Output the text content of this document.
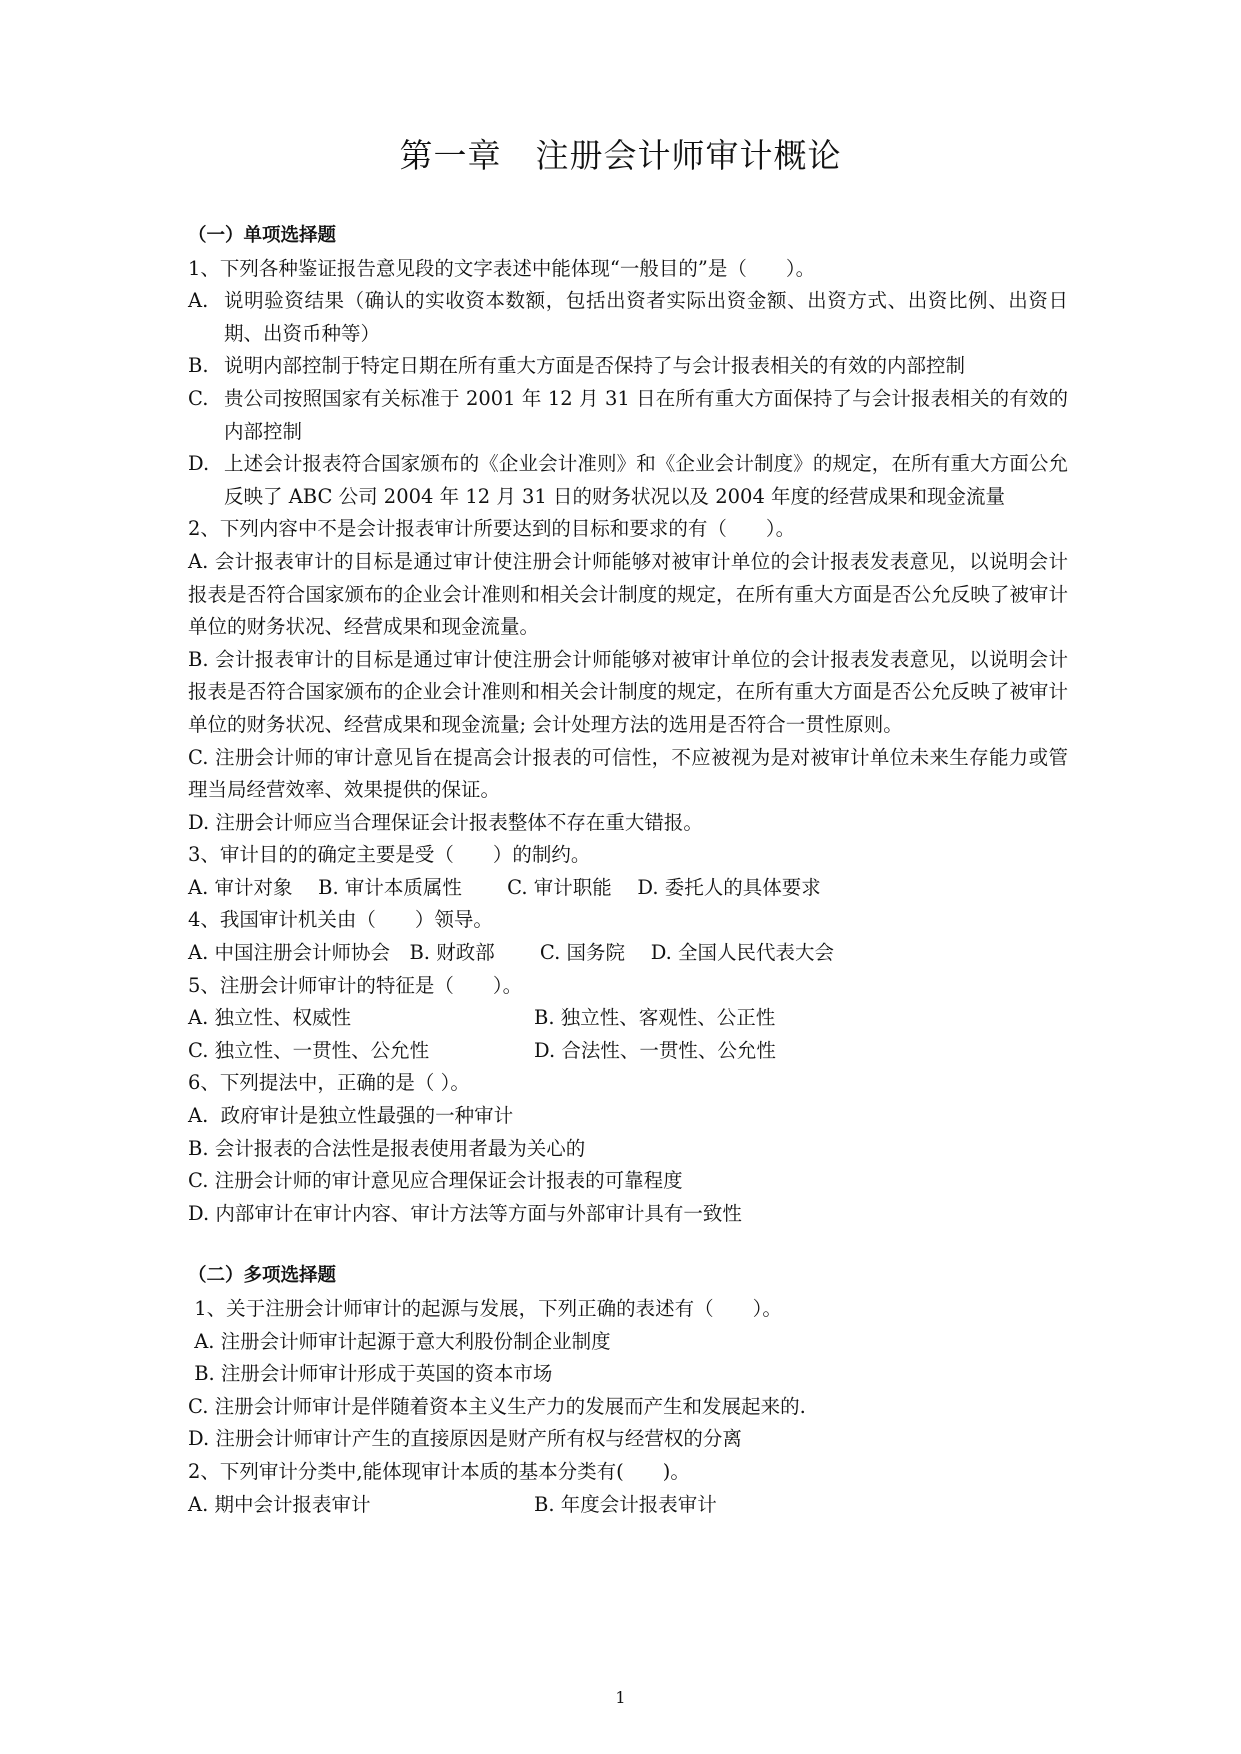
第一章　注册会计师审计概论
（一）单项选择题
1、下列各种鉴证报告意见段的文字表述中能体现“一般目的”是（　　）。
A. 说明验资结果（确认的实收资本数额，包括出资者实际出资金额、出资方式、出资比例、出资日期、出资币种等）
B. 说明内部控制于特定日期在所有重大方面是否保持了与会计报表相关的有效的内部控制
C. 贵公司按照国家有关标准于 2001 年 12 月 31 日在所有重大方面保持了与会计报表相关的有效的内部控制
D. 上述会计报表符合国家颁布的《企业会计准则》和《企业会计制度》的规定，在所有重大方面公允反映了 ABC 公司 2004 年 12 月 31 日的财务状况以及 2004 年度的经营成果和现金流量
2、下列内容中不是会计报表审计所要达到的目标和要求的有（　　）。
A. 会计报表审计的目标是通过审计使注册会计师能够对被审计单位的会计报表发表意见，以说明会计报表是否符合国家颁布的企业会计准则和相关会计制度的规定，在所有重大方面是否公允反映了被审计单位的财务状况、经营成果和现金流量。
B. 会计报表审计的目标是通过审计使注册会计师能够对被审计单位的会计报表发表意见，以说明会计报表是否符合国家颁布的企业会计准则和相关会计制度的规定，在所有重大方面是否公允反映了被审计单位的财务状况、经营成果和现金流量; 会计处理方法的选用是否符合一贯性原则。
C. 注册会计师的审计意见旨在提高会计报表的可信性，不应被视为是对被审计单位未来生存能力或管理当局经营效率、效果提供的保证。
D. 注册会计师应当合理保证会计报表整体不存在重大错报。
3、审计目的的确定主要是受（　　）的制约。
A. 审计对象　 B. 审计本质属性　　 C. 审计职能　 D. 委托人的具体要求
4、我国审计机关由（　　）领导。
A. 中国注册会计师协会　B. 财政部　　 C. 国务院　 D. 全国人民代表大会
5、注册会计师审计的特征是（　　）。
A. 独立性、权威性	B. 独立性、客观性、公正性
C. 独立性、一贯性、公允性	D. 合法性、一贯性、公允性
6、下列提法中，正确的是（ ）。
A.  政府审计是独立性最强的一种审计
B. 会计报表的合法性是报表使用者最为关心的
C. 注册会计师的审计意见应合理保证会计报表的可靠程度
D. 内部审计在审计内容、审计方法等方面与外部审计具有一致性
（二）多项选择题
1、关于注册会计师审计的起源与发展，下列正确的表述有（　　）。
A. 注册会计师审计起源于意大利股份制企业制度
B. 注册会计师审计形成于英国的资本市场
C. 注册会计师审计是伴随着资本主义生产力的发展而产生和发展起来的.
D. 注册会计师审计产生的直接原因是财产所有权与经营权的分离
2、下列审计分类中,能体现审计本质的基本分类有(　　)。
A. 期中会计报表审计	B. 年度会计报表审计
1
